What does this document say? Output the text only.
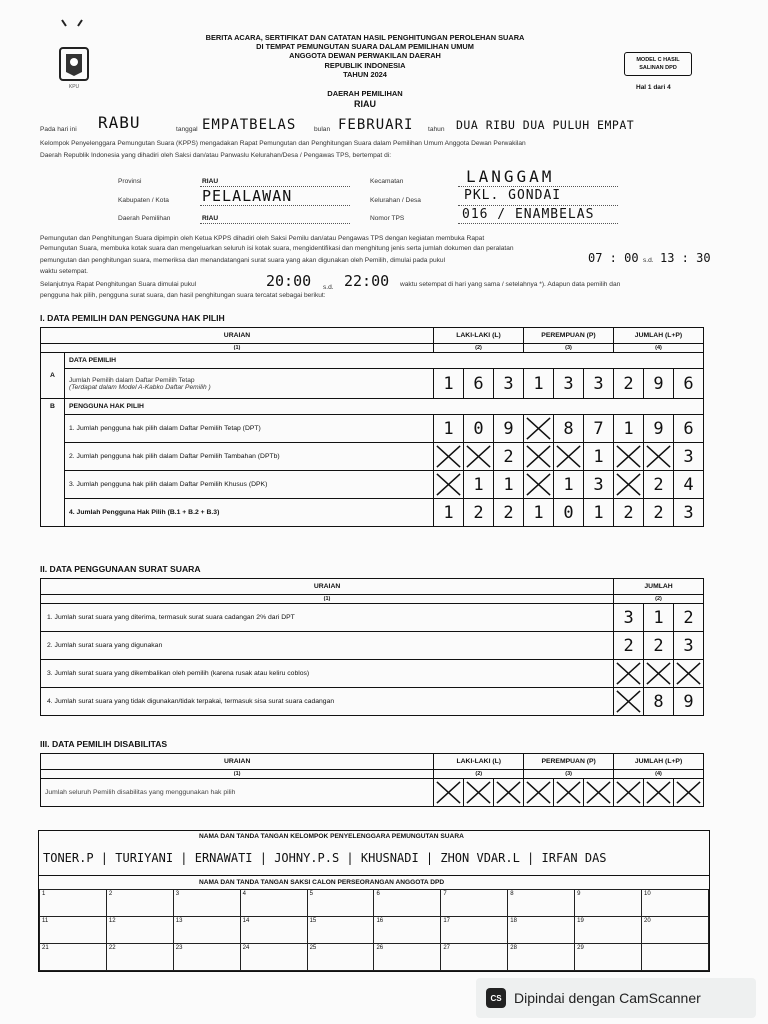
KPU
BERITA ACARA, SERTIFIKAT DAN CATATAN HASIL PENGHITUNGAN PEROLEHAN SUARA
DI TEMPAT PEMUNGUTAN SUARA DALAM PEMILIHAN UMUM
ANGGOTA DEWAN PERWAKILAN DAERAH
REPUBLIK INDONESIA
TAHUN 2024
MODEL C HASIL
SALINAN DPD
Hal 1 dari 4
DAERAH PEMILIHAN
RIAU
Pada hari ini RABU	tanggal EMPATBELAS	bulan FEBRUARI tahun DUA RIBU DUA PULUH EMPAT
Kelompok Penyelenggara Pemungutan Suara (KPPS) mengadakan Rapat Pemungutan dan Penghitungan Suara dalam Pemilihan Umum Anggota Dewan Perwakilan
Daerah Republik Indonesia yang dihadiri oleh Saksi dan/atau Panwaslu Kelurahan/Desa / Pengawas TPS, bertempat di:
Provinsi	RIAU
Kabupaten / Kota PELALAWAN
Daerah Pemilihan	RIAU
Kecamatan	LANGGAM
Kelurahan / Desa	PKL. GONDAI
Nomor TPS	016 / ENAMBELAS
Pemungutan dan Penghitungan Suara dipimpin oleh Ketua KPPS dihadiri oleh Saksi Pemilu dan/atau Pengawas TPS dengan kegiatan membuka Rapat
Pemungutan Suara, membuka kotak suara dan mengeluarkan seluruh isi kotak suara, mengidentifikasi dan menghitung jenis serta jumlah dokumen dan peralatan
pemungutan dan penghitungan suara, memeriksa dan menandatangani surat suara yang akan digunakan oleh Pemilih, dimulai pada pukul	07 : 00 s.d. 13 : 30
waktu setempat.
Selanjutnya Rapat Penghitungan Suara dimulai pukul	20:00 s.d. 22:00 waktu setempat di hari yang sama / setelahnya *). Adapun data pemilih dan
pengguna hak pilih, pengguna surat suara, dan hasil penghitungan suara tercatat sebagai berikut:
I. DATA PEMILIH DAN PENGGUNA HAK PILIH
URAIAN		LAKI-LAKI (L)			PEREMPUAN (P)			JUMLAH (L+P)		
(1)		(2)			(3)			(4)		
A	DATA PEMILIH									

	Jumlah Pemilih dalam Daftar Pemilih Tetap
(Terdapat dalam Model A-Kabko Daftar Pemilih )	1	6	3	1	3	3	2	9	6
B	PENGGUNA HAK PILIH									
	1. Jumlah pengguna hak pilih dalam Daftar Pemilih Tetap (DPT)	1	0	9		8	7	1	9	6
	2. Jumlah pengguna hak pilih dalam Daftar Pemilih Tambahan (DPTb)			2			1			3
	3. Jumlah pengguna hak pilih dalam Daftar Pemilih Khusus (DPK)		1	1		1	3		2	4
	4. Jumlah Pengguna Hak Pilih (B.1 + B.2 + B.3)	1	2	2	1	0	1	2	2	3
II. DATA PENGGUNAAN SURAT SUARA
URAIAN	JUMLAH		
(1)	(2)		
1. Jumlah surat suara yang diterima, termasuk surat suara cadangan 2% dari DPT	3	1	2
2. Jumlah surat suara yang digunakan	2	2	3
3. Jumlah surat suara yang dikembalikan oleh pemilih (karena rusak atau keliru coblos)	

4. Jumlah surat suara yang tidak digunakan/tidak terpakai, termasuk sisa surat suara cadangan		8	9
III. DATA PEMILIH DISABILITAS
URAIAN	LAKI-LAKI (L)			PEREMPUAN (P)			JUMLAH (L+P)		
(1)	(2)			(3)			(4)		
Jumlah seluruh Pemilih disabilitas yang menggunakan hak pilih	

NAMA DAN TANDA TANGAN KELOMPOK PENYELENGGARA PEMUNGUTAN SUARA
TONER.P | TURIYANI | ERNAWATI | JOHNY.P.S | KHUSNADI | ZHON VDAR.L | IRFAN DAS
NAMA DAN TANDA TANGAN SAKSI CALON PERSEORANGAN ANGGOTA DPD
1	2	3	4	5	6	7	8	9	10
11	12	13	14	15	16	17	18	19	20
21	22	23	24	25	26	27	28	29	
CS Dipindai dengan CamScanner
